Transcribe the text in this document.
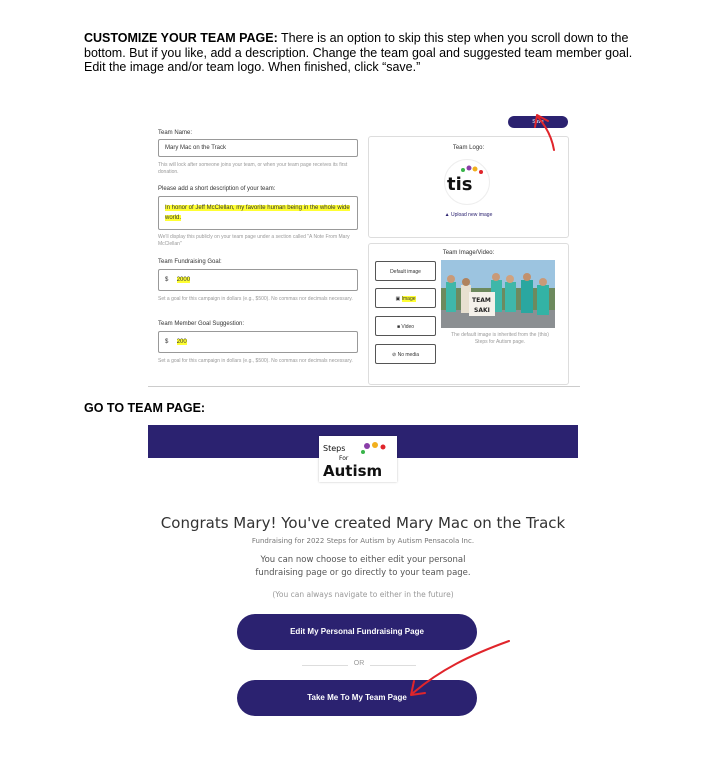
CUSTOMIZE YOUR TEAM PAGE: There is an option to skip this step when you scroll down to the bottom. But if you like, add a description. Change the team goal and suggested team member goal. Edit the image and/or team logo. When finished, click “save.”
Save
Team Name:
Mary Mac on the Track
This will lock after someone joins your team, or when your team page receives its first donation.
Please add a short description of your team:
In honor of Jeff McClellan, my favorite human being in the whole wide world.
We'll display this publicly on your team page under a section called "A Note From Mary McClellan"
Team Fundraising Goal:
$ 2000
Set a goal for this campaign in dollars (e.g., $500). No commas nor decimals necessary.
Team Member Goal Suggestion:
$ 200
Set a goal for this campaign in dollars (e.g., $500). No commas nor decimals necessary.
Team Logo:
tis
▲ Upload new image
Team Image/Video:
Default image
▣ Image
■ Video
⊘ No media
TEAM
SAKI
The default image is inherited from the (this) Steps for Autism page.
GO TO TEAM PAGE:
Steps
For
Autism
Congrats Mary! You've created Mary Mac on the Track
Fundraising for 2022 Steps for Autism by Autism Pensacola Inc.
You can now choose to either edit your personal
fundraising page or go directly to your team page.
(You can always navigate to either in the future)
Edit My Personal Fundraising Page
OR
Take Me To My Team Page
